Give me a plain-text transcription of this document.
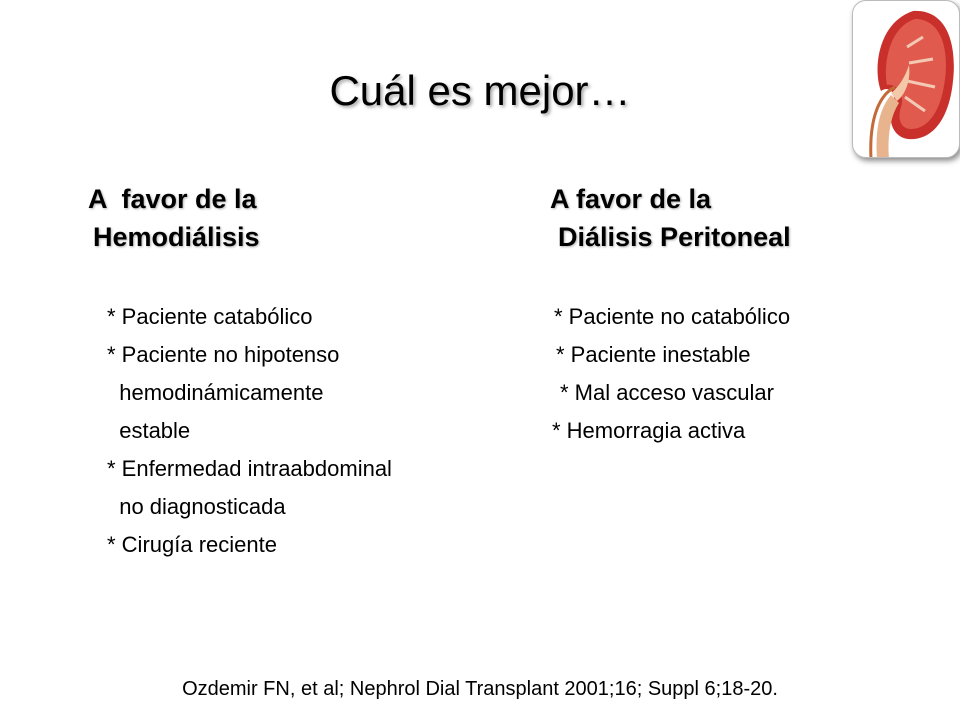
Cuál es mejor…
A  favor de la
Hemodiálisis
A favor de la
Diálisis Peritoneal
* Paciente catabólico
* Paciente no hipotenso
hemodinámicamente
estable
* Enfermedad intraabdominal
no diagnosticada
* Cirugía reciente
* Paciente no catabólico
* Paciente inestable
* Mal acceso vascular
* Hemorragia activa
Ozdemir FN, et al; Nephrol Dial Transplant 2001;16; Suppl 6;18-20.
